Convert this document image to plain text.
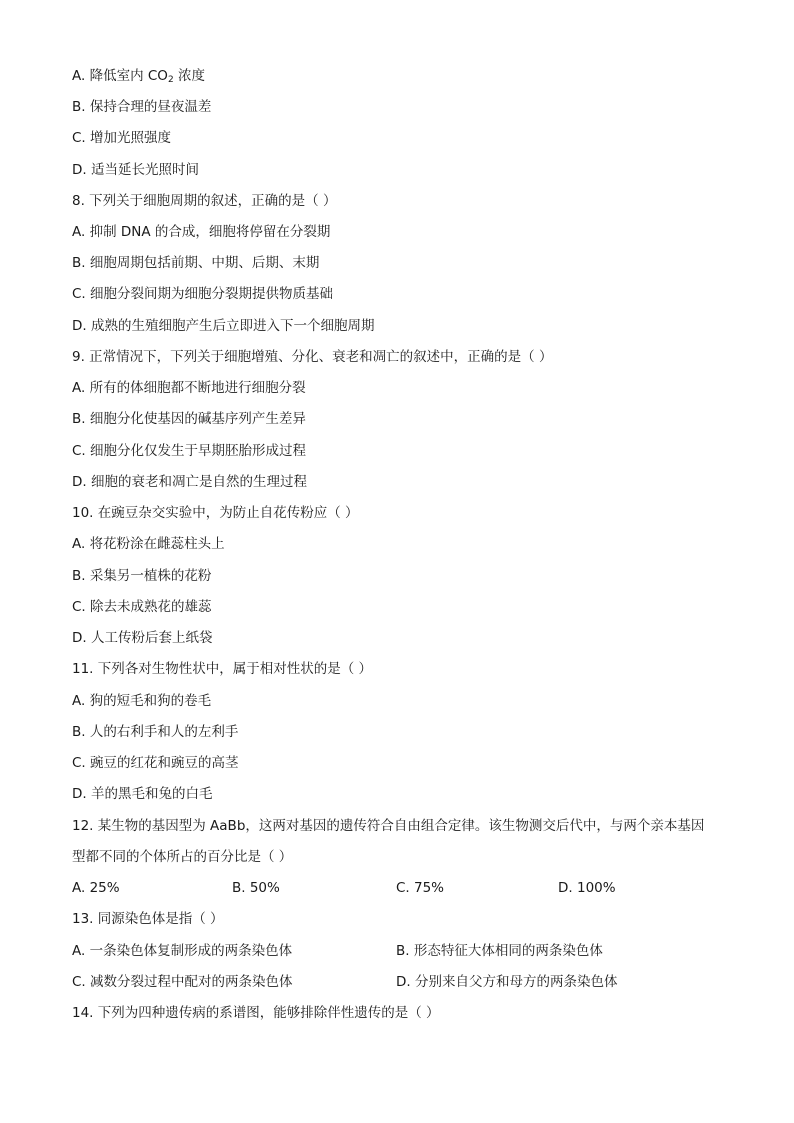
A. 降低室内 $CO_2$ 浓度
B. 保持合理的昼夜温差
C. 增加光照强度
D. 适当延长光照时间
8. 下列关于细胞周期的叙述，正确的是（ ）
A. 抑制 DNA 的合成，细胞将停留在分裂期
B. 细胞周期包括前期、中期、后期、末期
C. 细胞分裂间期为细胞分裂期提供物质基础
D. 成熟的生殖细胞产生后立即进入下一个细胞周期
9. 正常情况下，下列关于细胞增殖、分化、衰老和凋亡的叙述中，正确的是（ ）
A. 所有的体细胞都不断地进行细胞分裂
B. 细胞分化使基因的碱基序列产生差异
C. 细胞分化仅发生于早期胚胎形成过程
D. 细胞的衰老和凋亡是自然的生理过程
10. 在豌豆杂交实验中，为防止自花传粉应（ ）
A. 将花粉涂在雌蕊柱头上
B. 采集另一植株的花粉
C. 除去未成熟花的雄蕊
D. 人工传粉后套上纸袋
11. 下列各对生物性状中，属于相对性状的是（ ）
A. 狗的短毛和狗的卷毛
B. 人的右利手和人的左利手
C. 豌豆的红花和豌豆的高茎
D. 羊的黑毛和兔的白毛
12. 某生物的基因型为 AaBb，这两对基因的遗传符合自由组合定律。该生物测交后代中，与两个亲本基因
型都不同的个体所占的百分比是（ ）
A. 25%	B. 50%	C. 75%	D. 100%
13. 同源染色体是指（ ）
A. 一条染色体复制形成的两条染色体	B. 形态特征大体相同的两条染色体
C. 减数分裂过程中配对的两条染色体	D. 分别来自父方和母方的两条染色体
14. 下列为四种遗传病的系谱图，能够排除伴性遗传的是（ ）
